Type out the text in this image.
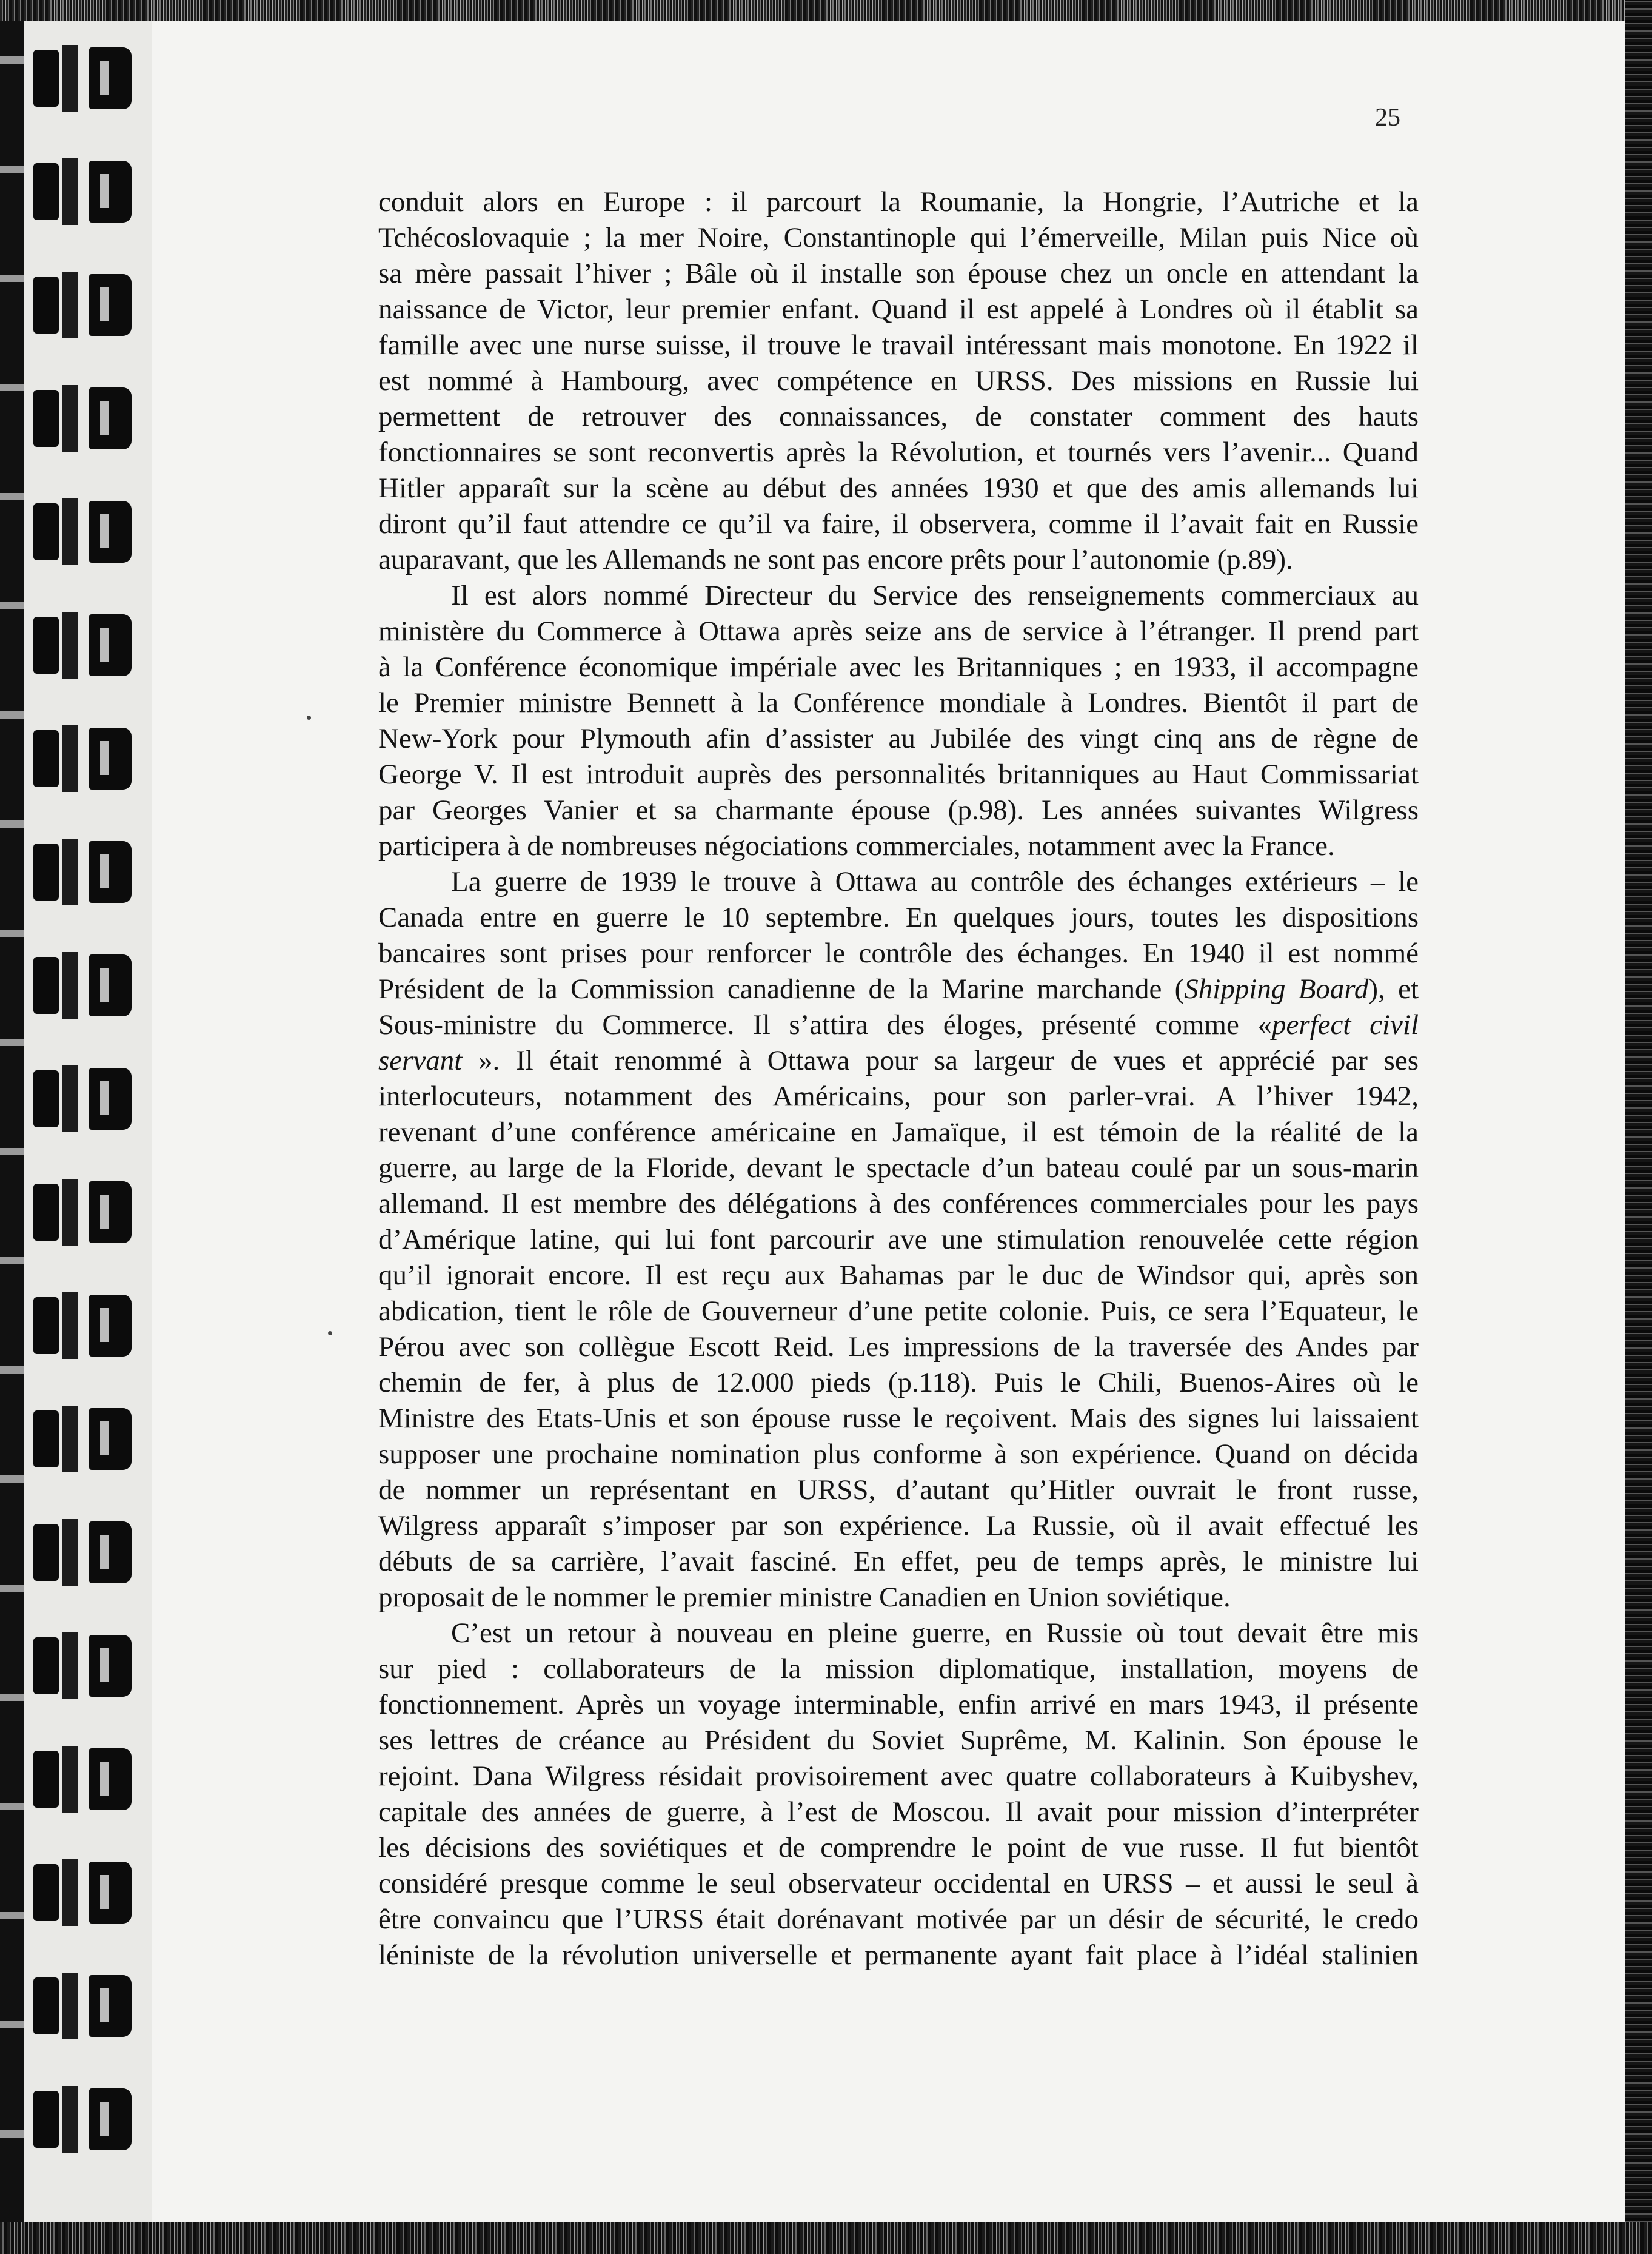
25
conduit alors en Europe : il parcourt la Roumanie, la Hongrie, l’Autriche et la
Tchécoslovaquie ; la mer Noire, Constantinople qui l’émerveille, Milan puis Nice où
sa mère passait l’hiver ; Bâle où il installe son épouse chez un oncle en attendant la
naissance de Victor, leur premier enfant. Quand il est appelé à Londres où il établit sa
famille avec une nurse suisse, il trouve le travail intéressant mais monotone. En 1922 il
est nommé à Hambourg, avec compétence en URSS. Des missions en Russie lui
permettent de retrouver des connaissances, de constater comment des hauts
fonctionnaires se sont reconvertis après la Révolution, et tournés vers l’avenir... Quand
Hitler apparaît sur la scène au début des années 1930 et que des amis allemands lui
diront qu’il faut attendre ce qu’il va faire, il observera, comme il l’avait fait en Russie
auparavant, que les Allemands ne sont pas encore prêts pour l’autonomie (p.89).
Il est alors nommé Directeur du Service des renseignements commerciaux au
ministère du Commerce à Ottawa après seize ans de service à l’étranger. Il prend part
à la Conférence économique impériale avec les Britanniques ; en 1933, il accompagne
le Premier ministre Bennett à la Conférence mondiale à Londres. Bientôt il part de
New-York pour Plymouth afin d’assister au Jubilée des vingt cinq ans de règne de
George V. Il est introduit auprès des personnalités britanniques au Haut Commissariat
par Georges Vanier et sa charmante épouse (p.98). Les années suivantes Wilgress
participera à de nombreuses négociations commerciales, notamment avec la France.
La guerre de 1939 le trouve à Ottawa au contrôle des échanges extérieurs – le
Canada entre en guerre le 10 septembre. En quelques jours, toutes les dispositions
bancaires sont prises pour renforcer le contrôle des échanges. En 1940 il est nommé
Président de la Commission canadienne de la Marine marchande (Shipping Board), et
Sous-ministre du Commerce. Il s’attira des éloges, présenté comme «perfect civil
servant ». Il était renommé à Ottawa pour sa largeur de vues et apprécié par ses
interlocuteurs, notamment des Américains, pour son parler-vrai. A l’hiver 1942,
revenant d’une conférence américaine en Jamaïque, il est témoin de la réalité de la
guerre, au large de la Floride, devant le spectacle d’un bateau coulé par un sous-marin
allemand. Il est membre des délégations à des conférences commerciales pour les pays
d’Amérique latine, qui lui font parcourir ave une stimulation renouvelée cette région
qu’il ignorait encore. Il est reçu aux Bahamas par le duc de Windsor qui, après son
abdication, tient le rôle de Gouverneur d’une petite colonie. Puis, ce sera l’Equateur, le
Pérou avec son collègue Escott Reid. Les impressions de la traversée des Andes par
chemin de fer, à plus de 12.000 pieds (p.118). Puis le Chili, Buenos-Aires où le
Ministre des Etats-Unis et son épouse russe le reçoivent. Mais des signes lui laissaient
supposer une prochaine nomination plus conforme à son expérience. Quand on décida
de nommer un représentant en URSS, d’autant qu’Hitler ouvrait le front russe,
Wilgress apparaît s’imposer par son expérience. La Russie, où il avait effectué les
débuts de sa carrière, l’avait fasciné. En effet, peu de temps après, le ministre lui
proposait de le nommer le premier ministre Canadien en Union soviétique.
C’est un retour à nouveau en pleine guerre, en Russie où tout devait être mis
sur pied : collaborateurs de la mission diplomatique, installation, moyens de
fonctionnement. Après un voyage interminable, enfin arrivé en mars 1943, il présente
ses lettres de créance au Président du Soviet Suprême, M. Kalinin. Son épouse le
rejoint. Dana Wilgress résidait provisoirement avec quatre collaborateurs à Kuibyshev,
capitale des années de guerre, à l’est de Moscou. Il avait pour mission d’interpréter
les décisions des soviétiques et de comprendre le point de vue russe. Il fut bientôt
considéré presque comme le seul observateur occidental en URSS – et aussi le seul à
être convaincu que l’URSS était dorénavant motivée par un désir de sécurité, le credo
léniniste de la révolution universelle et permanente ayant fait place à l’idéal stalinien
